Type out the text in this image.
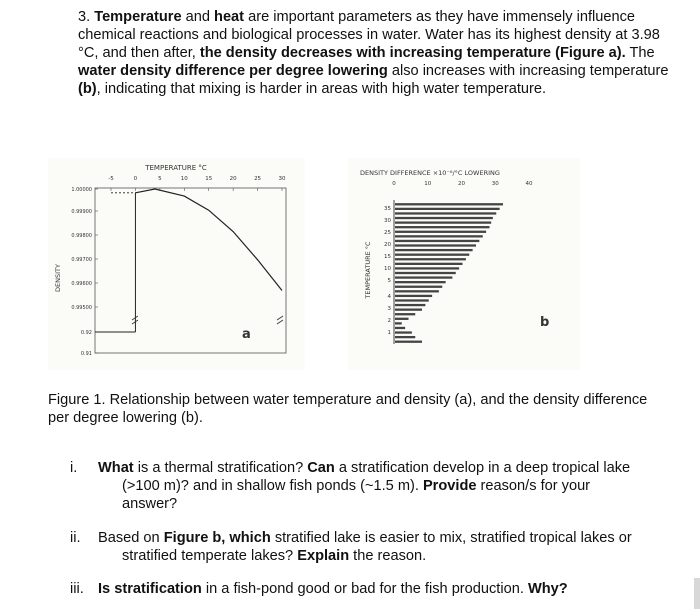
3. Temperature and heat are important parameters as they have immensely influence chemical reactions and biological processes in water. Water has its highest density at 3.98 °C, and then after, the density decreases with increasing temperature (Figure a). The water density difference per degree lowering also increases with increasing temperature (b), indicating that mixing is harder in areas with high water temperature.
TEMPERATURE °C
DENSITY
a
-5	0	5	10	15	20	25	30
1.00000
0.99900
0.99800
0.99700
0.99600
0.99500
0.92
0.91
DENSITY DIFFERENCE ×10⁻⁶/°C LOWERING
TEMPERATURE °C
b
0	10	20	30	40
35
30
25
20
15
10
5
4
3
2
1
Figure 1. Relationship between water temperature and density (a), and the density difference per degree lowering (b).
i. What is a thermal stratification? Can a stratification develop in a deep tropical lake
(>100 m)? and in shallow fish ponds (~1.5 m). Provide reason/s for your
answer?
ii. Based on Figure b, which stratified lake is easier to mix, stratified tropical lakes or
stratified temperate lakes? Explain the reason.
iii. Is stratification in a fish-pond good or bad for the fish production. Why?
